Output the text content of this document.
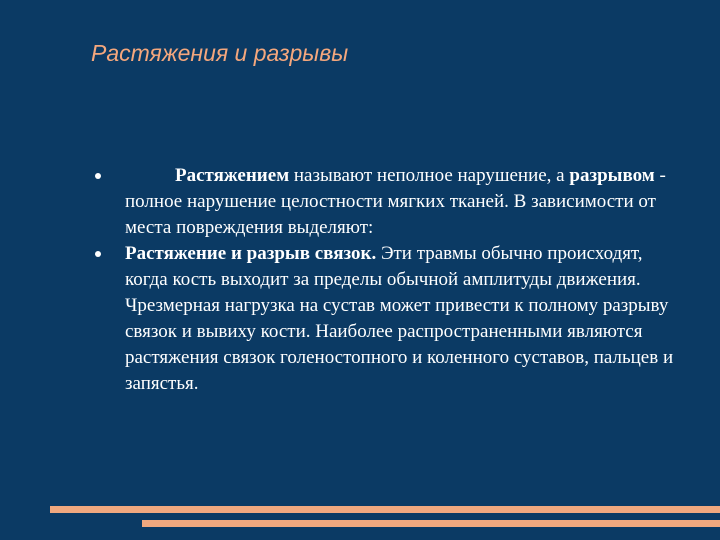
Растяжения и разрывы
Растяжением называют неполное нарушение, а разрывом - полное нарушение целостности мягких тканей. В зависимости от места повреждения выделяют:
Растяжение и разрыв связок. Эти травмы обычно происходят, когда кость выходит за пределы обычной амплитуды движения. Чрезмерная нагрузка на сустав может привести к полному разрыву связок и вывиху кости. Наиболее распространенными являются растяжения связок голеностопного и коленного суставов, пальцев и запястья.
